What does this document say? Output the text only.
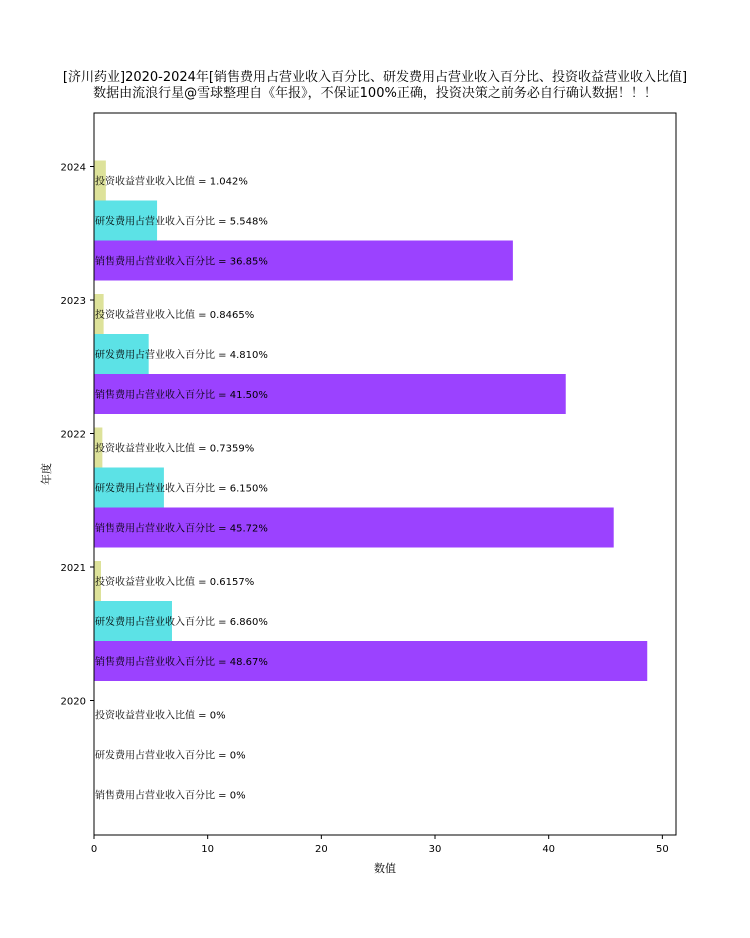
[济川药业]2020-2024年[销售费用占营业收入百分比、研发费用占营业收入百分比、投资收益营业收入比值]
数据由流浪行星@雪球整理自《年报》，不保证100%正确，投资决策之前务必自行确认数据！！！
投资收益营业收入比值 = 1.042%
研发费用占营业收入百分比 = 5.548%
销售费用占营业收入百分比 = 36.85%
投资收益营业收入比值 = 0.8465%
研发费用占营业收入百分比 = 4.810%
销售费用占营业收入百分比 = 41.50%
投资收益营业收入比值 = 0.7359%
研发费用占营业收入百分比 = 6.150%
销售费用占营业收入百分比 = 45.72%
投资收益营业收入比值 = 0.6157%
研发费用占营业收入百分比 = 6.860%
销售费用占营业收入百分比 = 48.67%
投资收益营业收入比值 = 0%
研发费用占营业收入百分比 = 0%
销售费用占营业收入百分比 = 0%
0	10	20	30	40	50
2024
2023
2022
2021
2020
数值
年度
